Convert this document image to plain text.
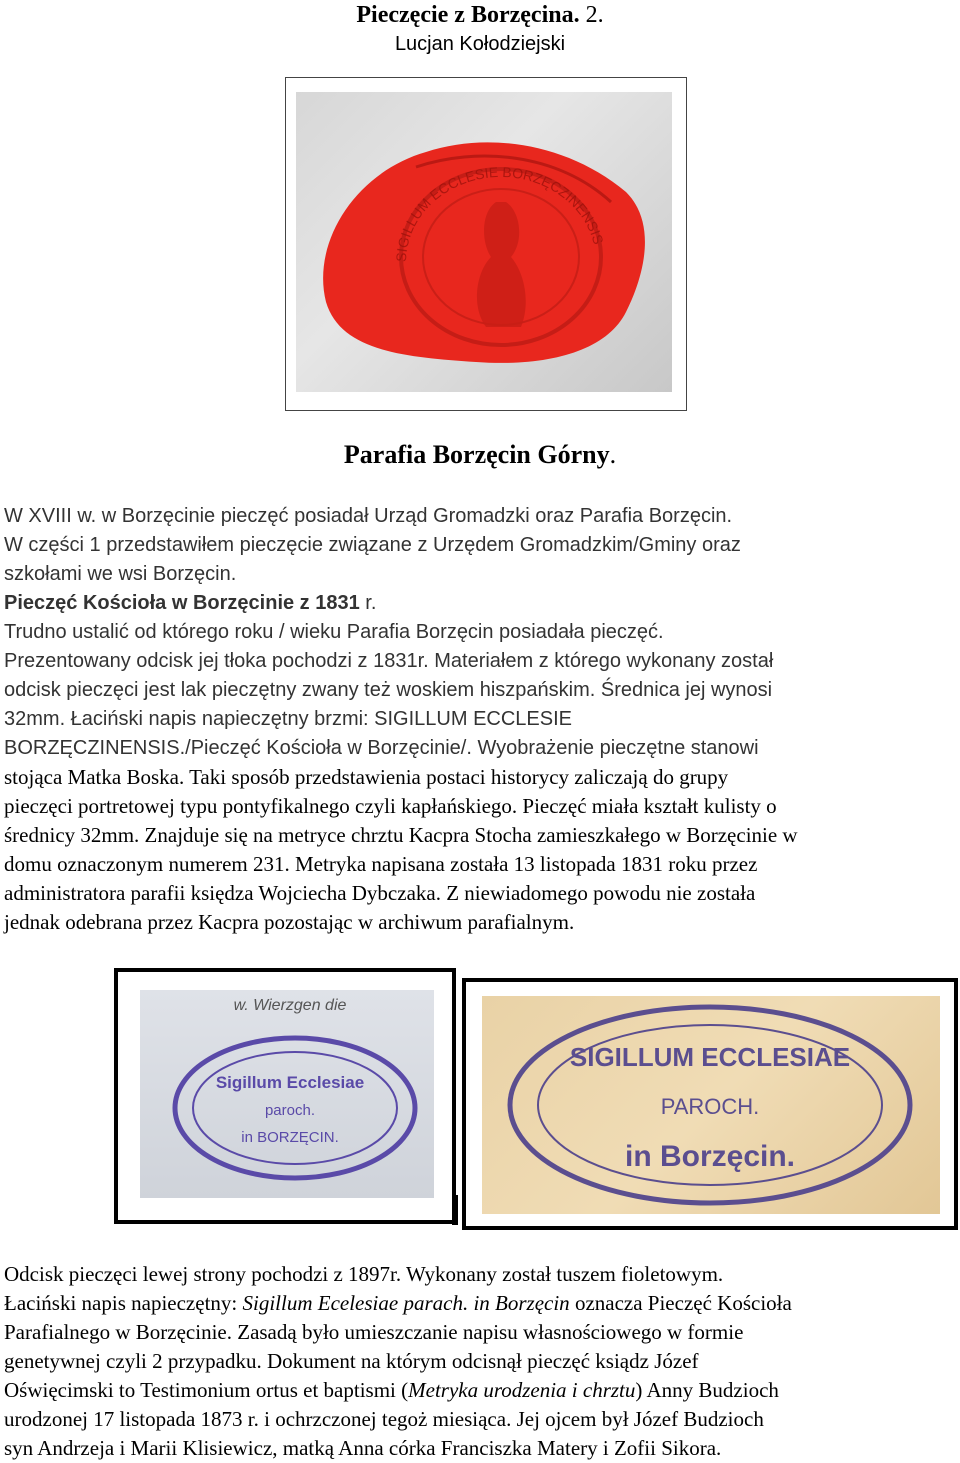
Pieczęcie z Borzęcina. 2.
Lucjan Kołodziejski
SIGILLUM ECCLESIE BORZĘCZINENSIS
Parafia Borzęcin Górny.
W XVIII w. w Borzęcinie pieczęć posiadał Urząd Gromadzki oraz Parafia Borzęcin.
W części 1 przedstawiłem pieczęcie związane z Urzędem Gromadzkim/Gminy oraz
szkołami we wsi Borzęcin.
Pieczęć Kościoła w Borzęcinie z 1831 r.
Trudno ustalić od którego roku / wieku Parafia Borzęcin posiadała pieczęć.
Prezentowany odcisk jej tłoka pochodzi z 1831r. Materiałem z którego wykonany został
odcisk pieczęci jest lak pieczętny zwany też woskiem hiszpańskim. Średnica jej wynosi
32mm. Łaciński napis napieczętny brzmi: SIGILLUM ECCLESIE
BORZĘCZINENSIS./Pieczęć Kościoła w Borzęcinie/. Wyobrażenie pieczętne stanowi
stojąca Matka Boska. Taki sposób przedstawienia postaci historycy zaliczają do grupy
pieczęci portretowej typu pontyfikalnego czyli kapłańskiego. Pieczęć miała kształt kulisty o
średnicy 32mm. Znajduje się na metryce chrztu Kacpra Stocha zamieszkałego w Borzęcinie w
domu oznaczonym numerem 231. Metryka napisana została 13 listopada 1831 roku przez
administratora parafii księdza Wojciecha Dybczaka. Z niewiadomego powodu nie została
jednak odebrana przez Kacpra pozostając w archiwum parafialnym.
w. Wierzgen die
Sigillum Ecclesiae
paroch.
in BORZĘCIN.
SIGILLUM ECCLESIAE
PAROCH.
in Borzęcin.
Odcisk pieczęci lewej strony pochodzi z 1897r. Wykonany został tuszem fioletowym.
Łaciński napis napieczętny: Sigillum Ecelesiae parach. in Borzęcin oznacza Pieczęć Kościoła
Parafialnego w Borzęcinie. Zasadą było umieszczanie napisu własnościowego w formie
genetywnej czyli 2 przypadku. Dokument na którym odcisnął pieczęć ksiądz Józef
Oświęcimski to Testimonium ortus et baptismi (Metryka urodzenia i chrztu) Anny Budzioch
urodzonej 17 listopada 1873 r. i ochrzczonej tegoż miesiąca. Jej ojcem był Józef Budzioch
syn Andrzeja i Marii Klisiewicz, matką Anna córka Franciszka Matery i Zofii Sikora.
